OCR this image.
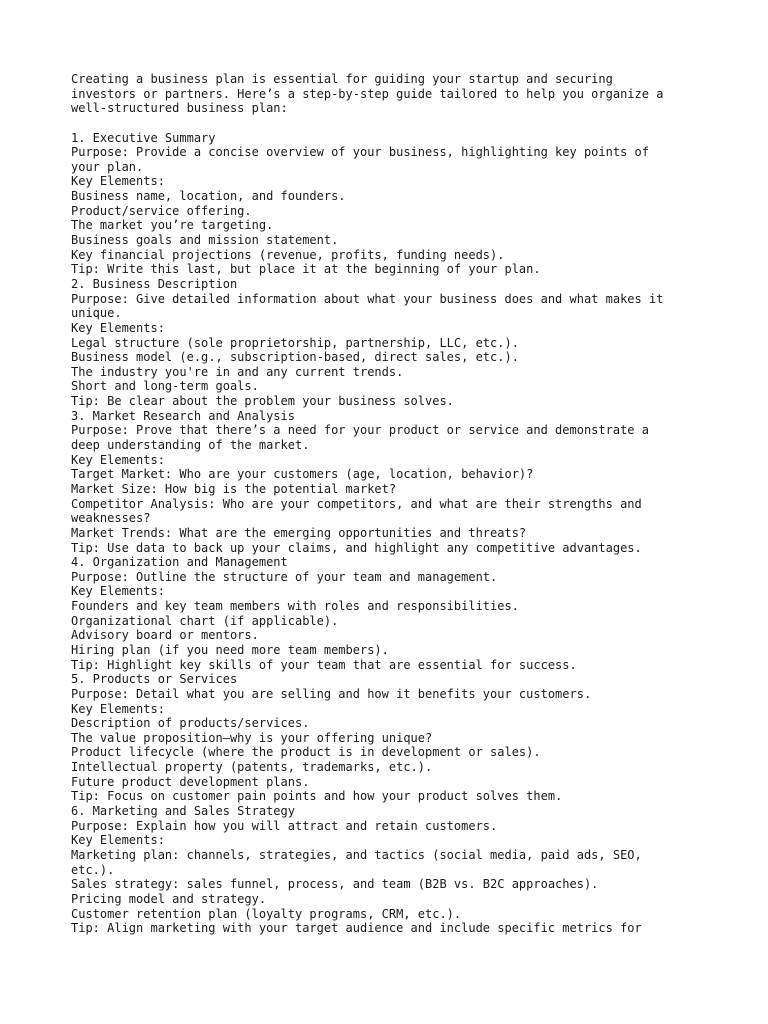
Creating a business plan is essential for guiding your startup and securing
investors or partners. Here’s a step-by-step guide tailored to help you organize a
well-structured business plan:
1. Executive Summary
Purpose: Provide a concise overview of your business, highlighting key points of
your plan.
Key Elements:
Business name, location, and founders.
Product/service offering.
The market you’re targeting.
Business goals and mission statement.
Key financial projections (revenue, profits, funding needs).
Tip: Write this last, but place it at the beginning of your plan.
2. Business Description
Purpose: Give detailed information about what your business does and what makes it
unique.
Key Elements:
Legal structure (sole proprietorship, partnership, LLC, etc.).
Business model (e.g., subscription-based, direct sales, etc.).
The industry you're in and any current trends.
Short and long-term goals.
Tip: Be clear about the problem your business solves.
3. Market Research and Analysis
Purpose: Prove that there’s a need for your product or service and demonstrate a
deep understanding of the market.
Key Elements:
Target Market: Who are your customers (age, location, behavior)?
Market Size: How big is the potential market?
Competitor Analysis: Who are your competitors, and what are their strengths and
weaknesses?
Market Trends: What are the emerging opportunities and threats?
Tip: Use data to back up your claims, and highlight any competitive advantages.
4. Organization and Management
Purpose: Outline the structure of your team and management.
Key Elements:
Founders and key team members with roles and responsibilities.
Organizational chart (if applicable).
Advisory board or mentors.
Hiring plan (if you need more team members).
Tip: Highlight key skills of your team that are essential for success.
5. Products or Services
Purpose: Detail what you are selling and how it benefits your customers.
Key Elements:
Description of products/services.
The value proposition—why is your offering unique?
Product lifecycle (where the product is in development or sales).
Intellectual property (patents, trademarks, etc.).
Future product development plans.
Tip: Focus on customer pain points and how your product solves them.
6. Marketing and Sales Strategy
Purpose: Explain how you will attract and retain customers.
Key Elements:
Marketing plan: channels, strategies, and tactics (social media, paid ads, SEO,
etc.).
Sales strategy: sales funnel, process, and team (B2B vs. B2C approaches).
Pricing model and strategy.
Customer retention plan (loyalty programs, CRM, etc.).
Tip: Align marketing with your target audience and include specific metrics for
